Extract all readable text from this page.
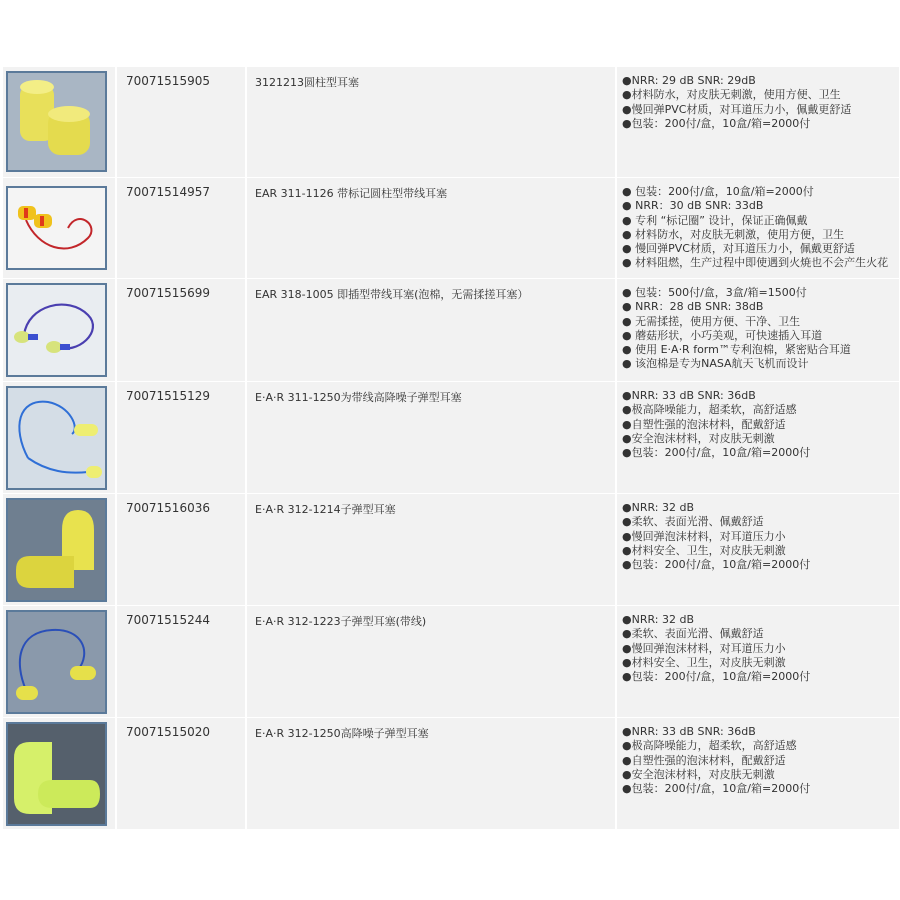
70071515905	3121213圆柱型耳塞	●NRR: 29 dB SNR: 29dB
●材料防水，对皮肤无刺激，使用方便、卫生
●慢回弹PVC材质，对耳道压力小，佩戴更舒适
●包装：200付/盒，10盒/箱=2000付
70071514957	EAR 311-1126 带标记圆柱型带线耳塞	● 包装：200付/盒，10盒/箱=2000付
● NRR：30 dB SNR: 33dB
● 专利 “标记圈” 设计，保证正确佩戴
● 材料防水，对皮肤无刺激，使用方便，卫生
● 慢回弹PVC材质，对耳道压力小，佩戴更舒适
● 材料阻燃，生产过程中即使遇到火焼也不会产生火花
70071515699	EAR 318-1005 即插型带线耳塞(泡棉，无需揉搓耳塞）	● 包装：500付/盒，3盒/箱=1500付
● NRR：28 dB SNR: 38dB
● 无需揉搓，使用方便、干净、卫生
● 蘑菇形状，小巧美观，可快速插入耳道
● 使用 E·A·R form™专利泡棉，紧密贴合耳道
● 该泡棉是专为NASA航天飞机而设计
70071515129	E·A·R 311-1250为带线高降噪子弹型耳塞	●NRR: 33 dB SNR: 36dB
●极高降噪能力，超柔软，高舒适感
●自塑性强的泡沫材料，配戴舒适
●安全泡沫材料，对皮肤无刺激
●包装：200付/盒，10盒/箱=2000付
70071516036	E·A·R 312-1214子弹型耳塞	●NRR: 32 dB
●柔软、表面光滑、佩戴舒适
●慢回弹泡沫材料，对耳道压力小
●材料安全、卫生，对皮肤无刺激
●包装：200付/盒，10盒/箱=2000付
70071515244	E·A·R 312-1223子弹型耳塞(带线)	●NRR: 32 dB
●柔软、表面光滑、佩戴舒适
●慢回弹泡沫材料，对耳道压力小
●材料安全、卫生，对皮肤无刺激
●包装：200付/盒，10盒/箱=2000付
70071515020	E·A·R 312-1250高降噪子弹型耳塞	●NRR: 33 dB SNR: 36dB
●极高降噪能力，超柔软，高舒适感
●自塑性强的泡沫材料，配戴舒适
●安全泡沫材料，对皮肤无刺激
●包装：200付/盒，10盒/箱=2000付
